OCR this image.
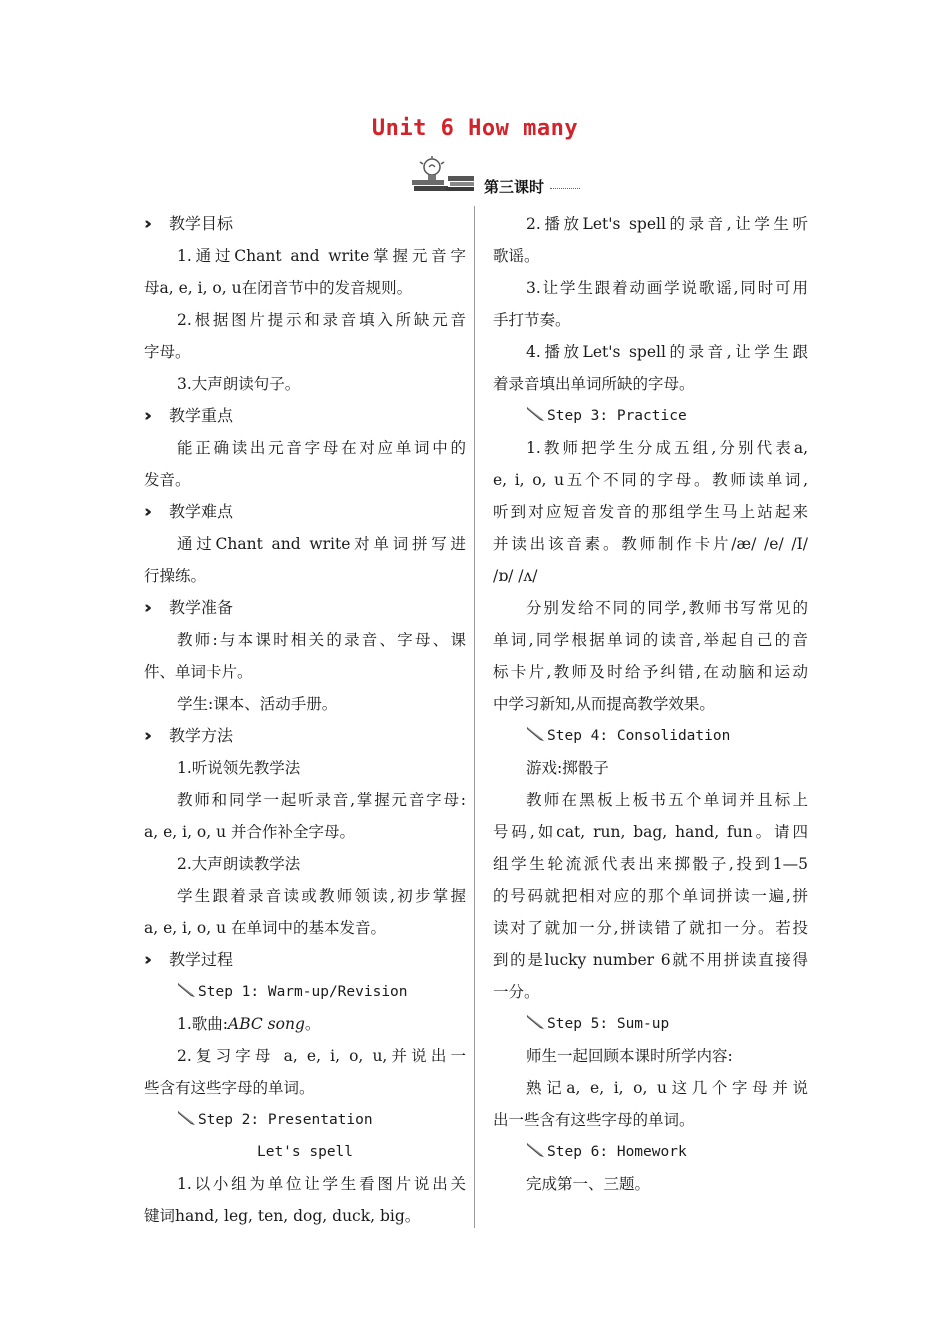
Unit 6 How many
第三课时
›› 教学目标
1.通过Chant and write掌握元音字
母a, e, i, o, u在闭音节中的发音规则。
2.根据图片提示和录音填入所缺元音
字母。
3.大声朗读句子。
›› 教学重点
能正确读出元音字母在对应单词中的
发音。
›› 教学难点
通过Chant and write对单词拼写进
行操练。
›› 教学准备
教师:与本课时相关的录音、字母、课
件、单词卡片。
学生:课本、活动手册。
›› 教学方法
1.听说领先教学法
教师和同学一起听录音,掌握元音字母:
a, e, i, o, u 并合作补全字母。
2.大声朗读教学法
学生跟着录音读或教师领读,初步掌握
a, e, i, o, u 在单词中的基本发音。
›› 教学过程
Step 1: Warm-up/Revision
1.歌曲:ABC song。
2.复习字母 a, e, i, o, u,并说出一
些含有这些字母的单词。
Step 2: Presentation
Let's spell
1.以小组为单位让学生看图片说出关
键词hand, leg, ten, dog, duck, big。
2.播放Let's spell的录音,让学生听
歌谣。
3.让学生跟着动画学说歌谣,同时可用
手打节奏。
4.播放Let's spell的录音,让学生跟
着录音填出单词所缺的字母。
Step 3: Practice
1.教师把学生分成五组,分别代表a,
e, i, o, u五个不同的字母。教师读单词,
听到对应短音发音的那组学生马上站起来
并读出该音素。教师制作卡片/æ/ /e/ /I/
/ɒ/ /ʌ/
分别发给不同的同学,教师书写常见的
单词,同学根据单词的读音,举起自己的音
标卡片,教师及时给予纠错,在动脑和运动
中学习新知,从而提高教学效果。
Step 4: Consolidation
游戏:掷骰子
教师在黑板上板书五个单词并且标上
号码,如cat, run, bag, hand, fun。请四
组学生轮流派代表出来掷骰子,投到1—5
的号码就把相对应的那个单词拼读一遍,拼
读对了就加一分,拼读错了就扣一分。若投
到的是lucky number 6就不用拼读直接得
一分。
Step 5: Sum-up
师生一起回顾本课时所学内容:
熟记a, e, i, o, u这几个字母并说
出一些含有这些字母的单词。
Step 6: Homework
完成第一、三题。
